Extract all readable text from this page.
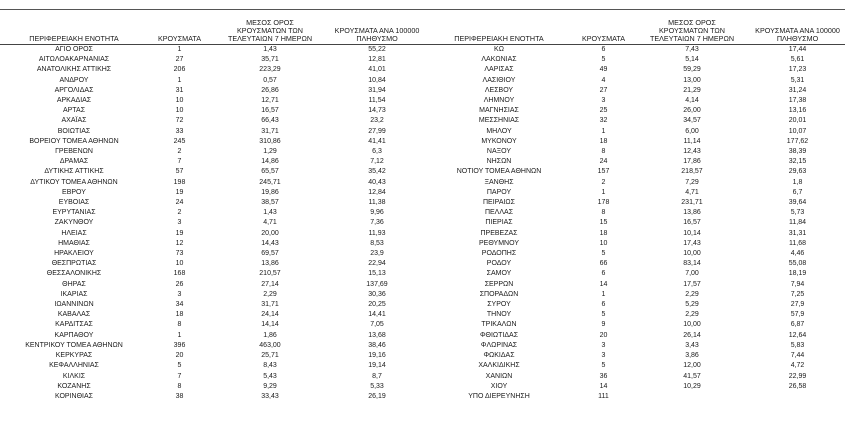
ΠΕΡΙΦΕΡΕΙΑΚΗ ΕΝΟΤΗΤΑ	ΚΡΟΥΣΜΑΤΑ	ΜΕΣΟΣ ΟΡΟΣ
ΚΡΟΥΣΜΑΤΩΝ ΤΩΝ
ΤΕΛΕΥΤΑΙΩΝ 7 ΗΜΕΡΩΝ	ΚΡΟΥΣΜΑΤΑ ΑΝΑ 100000
ΠΛΗΘΥΣΜΟ	ΠΕΡΙΦΕΡΕΙΑΚΗ ΕΝΟΤΗΤΑ	ΚΡΟΥΣΜΑΤΑ	ΜΕΣΟΣ ΟΡΟΣ
ΚΡΟΥΣΜΑΤΩΝ ΤΩΝ
ΤΕΛΕΥΤΑΙΩΝ 7 ΗΜΕΡΩΝ	ΚΡΟΥΣΜΑΤΑ ΑΝΑ 100000
ΠΛΗΘΥΣΜΟ
ΑΓΙΟ ΟΡΟΣ	1	1,43	55,22	ΚΩ	6	7,43	17,44
ΑΙΤΩΛΟΑΚΑΡΝΑΝΙΑΣ	27	35,71	12,81	ΛΑΚΩΝΙΑΣ	5	5,14	5,61
ΑΝΑΤΟΛΙΚΗΣ ΑΤΤΙΚΗΣ	206	223,29	41,01	ΛΑΡΙΣΑΣ	49	59,29	17,23
ΑΝΔΡΟΥ	1	0,57	10,84	ΛΑΣΙΘΙΟΥ	4	13,00	5,31
ΑΡΓΟΛΙΔΑΣ	31	26,86	31,94	ΛΕΣΒΟΥ	27	21,29	31,24
ΑΡΚΑΔΙΑΣ	10	12,71	11,54	ΛΗΜΝΟΥ	3	4,14	17,38
ΑΡΤΑΣ	10	16,57	14,73	ΜΑΓΝΗΣΙΑΣ	25	26,00	13,16
ΑΧΑΪΑΣ	72	66,43	23,2	ΜΕΣΣΗΝΙΑΣ	32	34,57	20,01
ΒΟΙΩΤΙΑΣ	33	31,71	27,99	ΜΗΛΟΥ	1	6,00	10,07
ΒΟΡΕΙΟΥ ΤΟΜΕΑ ΑΘΗΝΩΝ	245	310,86	41,41	ΜΥΚΟΝΟΥ	18	11,14	177,62
ΓΡΕΒΕΝΩΝ	2	1,29	6,3	ΝΑΞΟΥ	8	12,43	38,39
ΔΡΑΜΑΣ	7	14,86	7,12	ΝΗΣΩΝ	24	17,86	32,15
ΔΥΤΙΚΗΣ ΑΤΤΙΚΗΣ	57	65,57	35,42	ΝΟΤΙΟΥ ΤΟΜΕΑ ΑΘΗΝΩΝ	157	218,57	29,63
ΔΥΤΙΚΟΥ ΤΟΜΕΑ ΑΘΗΝΩΝ	198	245,71	40,43	ΞΑΝΘΗΣ	2	7,29	1,8
ΕΒΡΟΥ	19	19,86	12,84	ΠΑΡΟΥ	1	4,71	6,7
ΕΥΒΟΙΑΣ	24	38,57	11,38	ΠΕΙΡΑΙΩΣ	178	231,71	39,64
ΕΥΡΥΤΑΝΙΑΣ	2	1,43	9,96	ΠΕΛΛΑΣ	8	13,86	5,73
ΖΑΚΥΝΘΟΥ	3	4,71	7,36	ΠΙΕΡΙΑΣ	15	16,57	11,84
ΗΛΕΙΑΣ	19	20,00	11,93	ΠΡΕΒΕΖΑΣ	18	10,14	31,31
ΗΜΑΘΙΑΣ	12	14,43	8,53	ΡΕΘΥΜΝΟΥ	10	17,43	11,68
ΗΡΑΚΛΕΙΟΥ	73	69,57	23,9	ΡΟΔΟΠΗΣ	5	10,00	4,46
ΘΕΣΠΡΩΤΙΑΣ	10	13,86	22,94	ΡΟΔΟΥ	66	83,14	55,08
ΘΕΣΣΑΛΟΝΙΚΗΣ	168	210,57	15,13	ΣΑΜΟΥ	6	7,00	18,19
ΘΗΡΑΣ	26	27,14	137,69	ΣΕΡΡΩΝ	14	17,57	7,94
ΙΚΑΡΙΑΣ	3	2,29	30,36	ΣΠΟΡΑΔΩΝ	1	2,29	7,25
ΙΩΑΝΝΙΝΩΝ	34	31,71	20,25	ΣΥΡΟΥ	6	5,29	27,9
ΚΑΒΑΛΑΣ	18	24,14	14,41	ΤΗΝΟΥ	5	2,29	57,9
ΚΑΡΔΙΤΣΑΣ	8	14,14	7,05	ΤΡΙΚΑΛΩΝ	9	10,00	6,87
ΚΑΡΠΑΘΟΥ	1	1,86	13,68	ΦΘΙΩΤΙΔΑΣ	20	26,14	12,64
ΚΕΝΤΡΙΚΟΥ ΤΟΜΕΑ ΑΘΗΝΩΝ	396	463,00	38,46	ΦΛΩΡΙΝΑΣ	3	3,43	5,83
ΚΕΡΚΥΡΑΣ	20	25,71	19,16	ΦΩΚΙΔΑΣ	3	3,86	7,44
ΚΕΦΑΛΛΗΝΙΑΣ	5	8,43	19,14	ΧΑΛΚΙΔΙΚΗΣ	5	12,00	4,72
ΚΙΛΚΙΣ	7	5,43	8,7	ΧΑΝΙΩΝ	36	41,57	22,99
ΚΟΖΑΝΗΣ	8	9,29	5,33	ΧΙΟΥ	14	10,29	26,58
ΚΟΡΙΝΘΙΑΣ	38	33,43	26,19	ΥΠΟ ΔΙΕΡΕΥΝΗΣΗ	111		
